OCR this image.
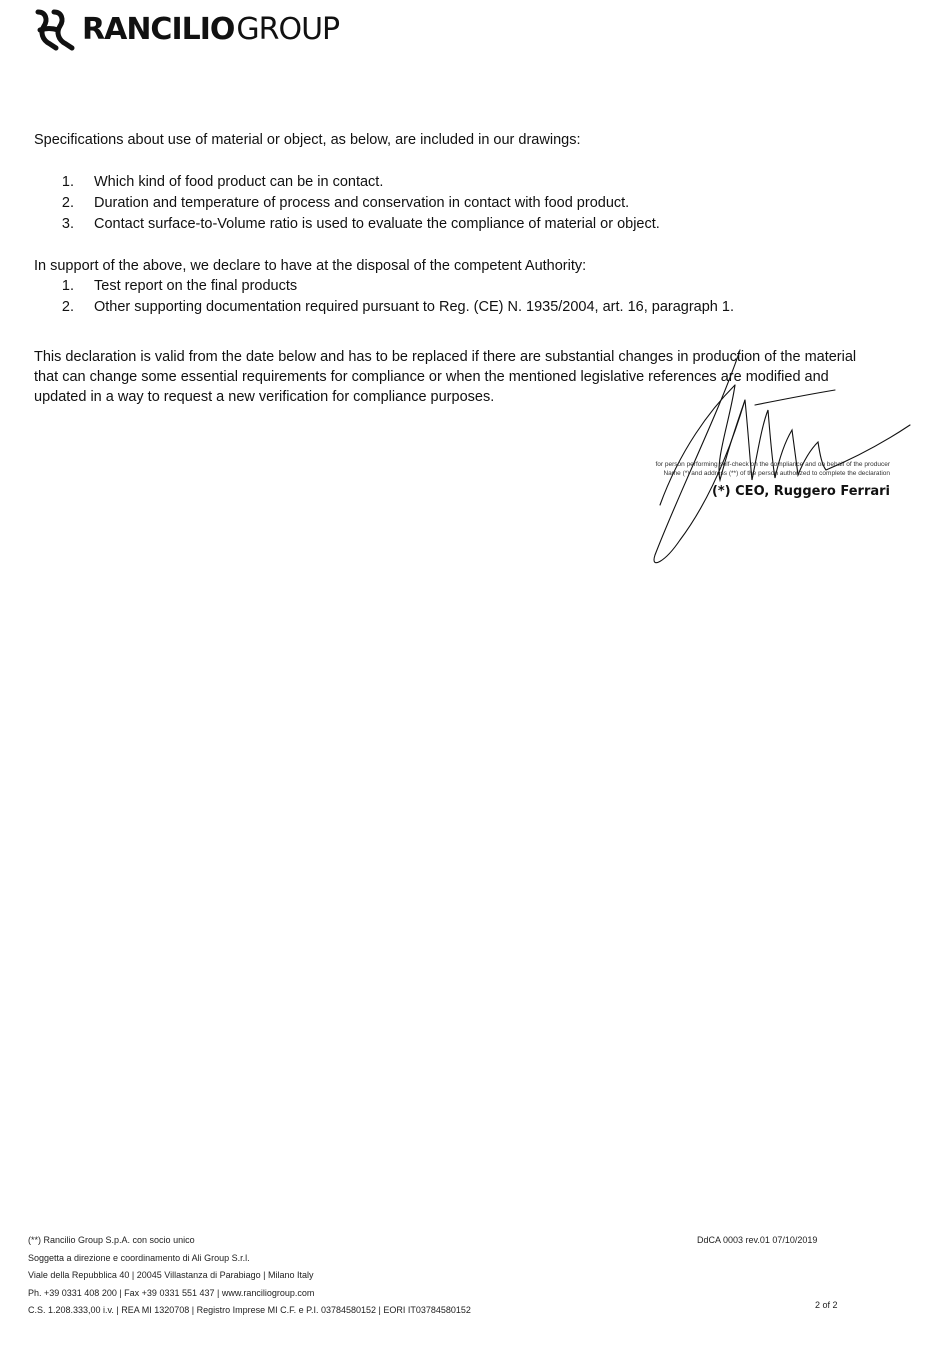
RANCILIO GROUP

Specifications about use of material or object, as below, are included in our drawings:

1.	Which kind of food product can be in contact.
2.	Duration and temperature of process and conservation in contact with food product.
3.	Contact surface-to-Volume ratio is used to evaluate the compliance of material or object.

In support of the above, we declare to have at the disposal of the competent Authority:

1.	Test report on the final products
2.	Other supporting documentation required pursuant to Reg. (CE) N. 1935/2004, art. 16, paragraph 1.

This declaration is valid from the date below and has to be replaced if there are substantial changes in production of the material that can change some essential requirements for compliance or when the mentioned legislative references are modified and updated in a way to request a new verification for compliance purposes.

for person performing self-check on the compliance and on behalf of the producer
Name (*) and address (**) of the person authorized to complete the declaration
(*) CEO, Ruggero Ferrari
(**) Rancilio Group S.p.A. con socio unico
Soggetta a direzione e coordinamento di Ali Group S.r.l.
Viale della Repubblica 40 | 20045 Villastanza di Parabiago | Milano Italy
Ph. +39 0331 408 200 | Fax +39 0331 551 437 | www.ranciliogroup.com
C.S. 1.208.333,00 i.v. | REA MI 1320708 | Registro Imprese MI C.F. e P.I. 03784580152 | EORI IT03784580152
DdCA 0003 rev.01 07/10/2019
2 of 2
